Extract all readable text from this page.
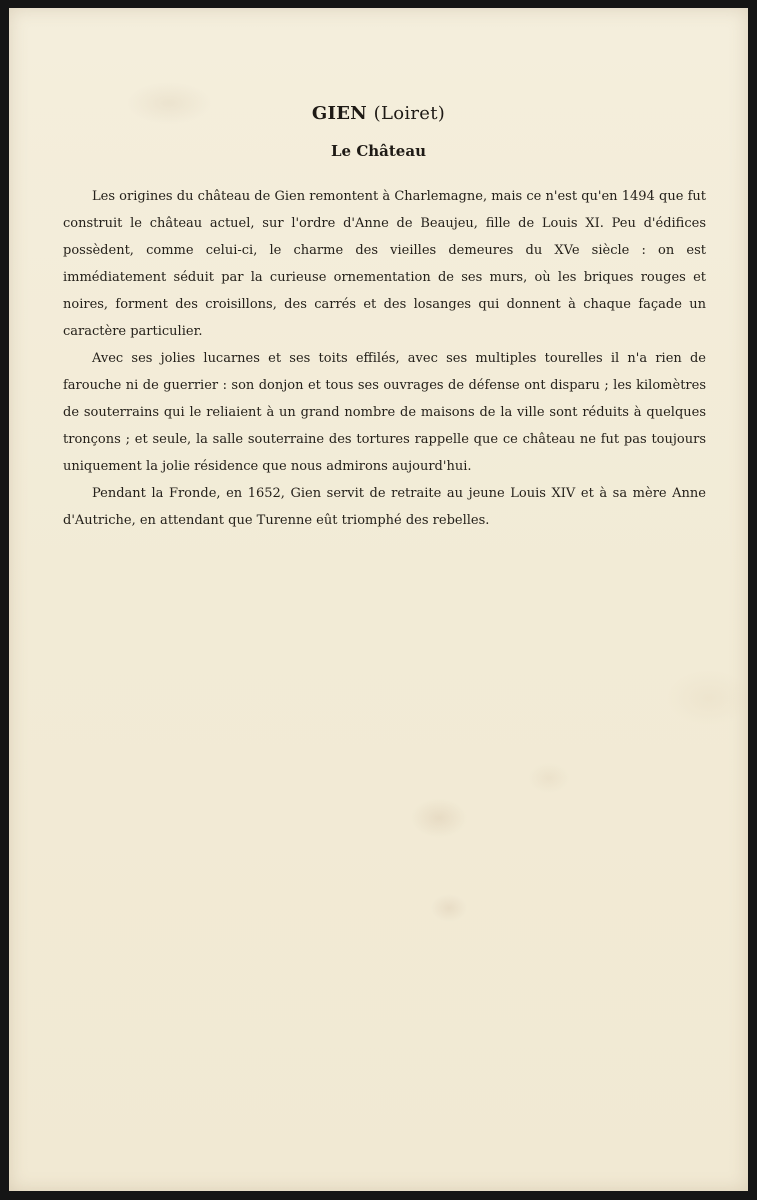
GIEN (Loiret)
Le Château

Les origines du château de Gien remontent à Charlemagne, mais ce n'est qu'en 1494 que fut construit le château actuel, sur l'ordre d'Anne de Beaujeu, fille de Louis XI. Peu d'édifices possèdent, comme celui-ci, le charme des vieilles demeures du XVe siècle : on est immédiatement séduit par la curieuse ornementation de ses murs, où les briques rouges et noires, forment des croisillons, des carrés et des losanges qui donnent à chaque façade un caractère particulier.

Avec ses jolies lucarnes et ses toits effilés, avec ses multiples tourelles il n'a rien de farouche ni de guerrier : son donjon et tous ses ouvrages de défense ont disparu ; les kilomètres de souterrains qui le reliaient à un grand nombre de maisons de la ville sont réduits à quelques tronçons ; et seule, la salle souterraine des tortures rappelle que ce château ne fut pas toujours uniquement la jolie résidence que nous admirons aujourd'hui.

Pendant la Fronde, en 1652, Gien servit de retraite au jeune Louis XIV et à sa mère Anne d'Autriche, en attendant que Turenne eût triomphé des rebelles.
